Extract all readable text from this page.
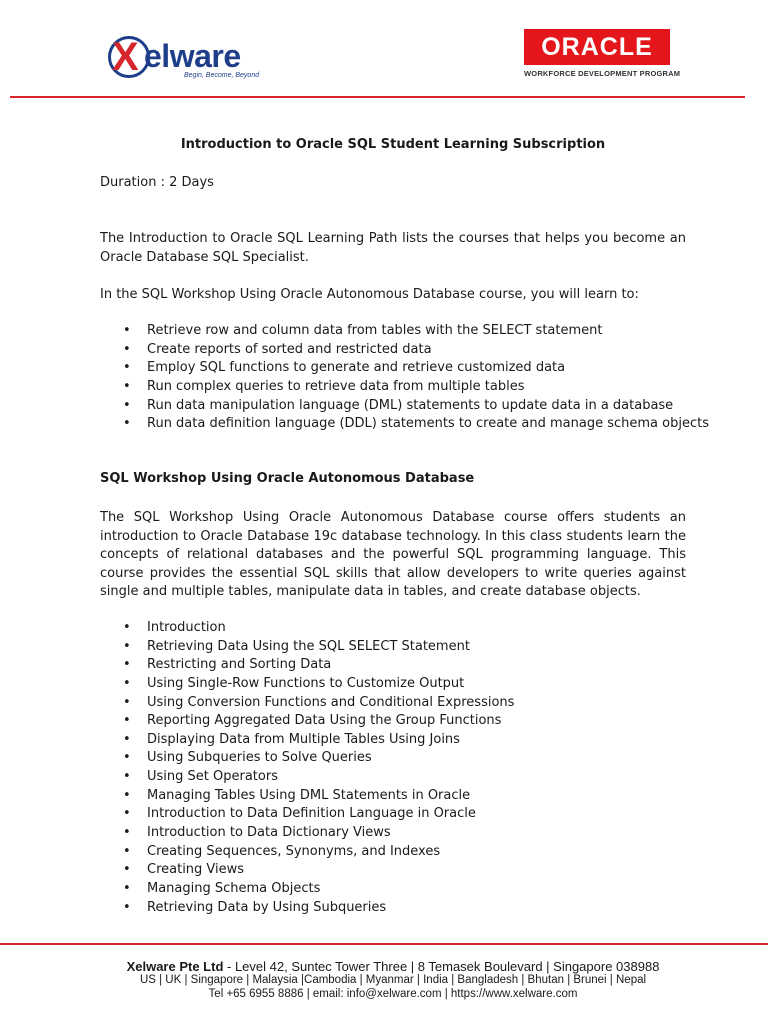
X elware
Begin, Become, Beyond
ORACLE
WORKFORCE DEVELOPMENT PROGRAM
Introduction to Oracle SQL Student Learning Subscription
Duration : 2 Days
The Introduction to Oracle SQL Learning Path lists the courses that helps you become an Oracle Database SQL Specialist.
In the SQL Workshop Using Oracle Autonomous Database course, you will learn to:
• Retrieve row and column data from tables with the SELECT statement
• Create reports of sorted and restricted data
• Employ SQL functions to generate and retrieve customized data
• Run complex queries to retrieve data from multiple tables
• Run data manipulation language (DML) statements to update data in a database
• Run data definition language (DDL) statements to create and manage schema objects
SQL Workshop Using Oracle Autonomous Database
The SQL Workshop Using Oracle Autonomous Database course offers students an introduction to Oracle Database 19c database technology. In this class students learn the concepts of relational databases and the powerful SQL programming language. This course provides the essential SQL skills that allow developers to write queries against single and multiple tables, manipulate data in tables, and create database objects.
• Introduction
• Retrieving Data Using the SQL SELECT Statement
• Restricting and Sorting Data
• Using Single-Row Functions to Customize Output
• Using Conversion Functions and Conditional Expressions
• Reporting Aggregated Data Using the Group Functions
• Displaying Data from Multiple Tables Using Joins
• Using Subqueries to Solve Queries
• Using Set Operators
• Managing Tables Using DML Statements in Oracle
• Introduction to Data Definition Language in Oracle
• Introduction to Data Dictionary Views
• Creating Sequences, Synonyms, and Indexes
• Creating Views
• Managing Schema Objects
• Retrieving Data by Using Subqueries
Xelware Pte Ltd - Level 42, Suntec Tower Three | 8 Temasek Boulevard | Singapore 038988
US | UK | Singapore | Malaysia |Cambodia | Myanmar | India | Bangladesh | Bhutan | Brunei | Nepal
Tel +65 6955 8886 | email: info@xelware.com | https://www.xelware.com
